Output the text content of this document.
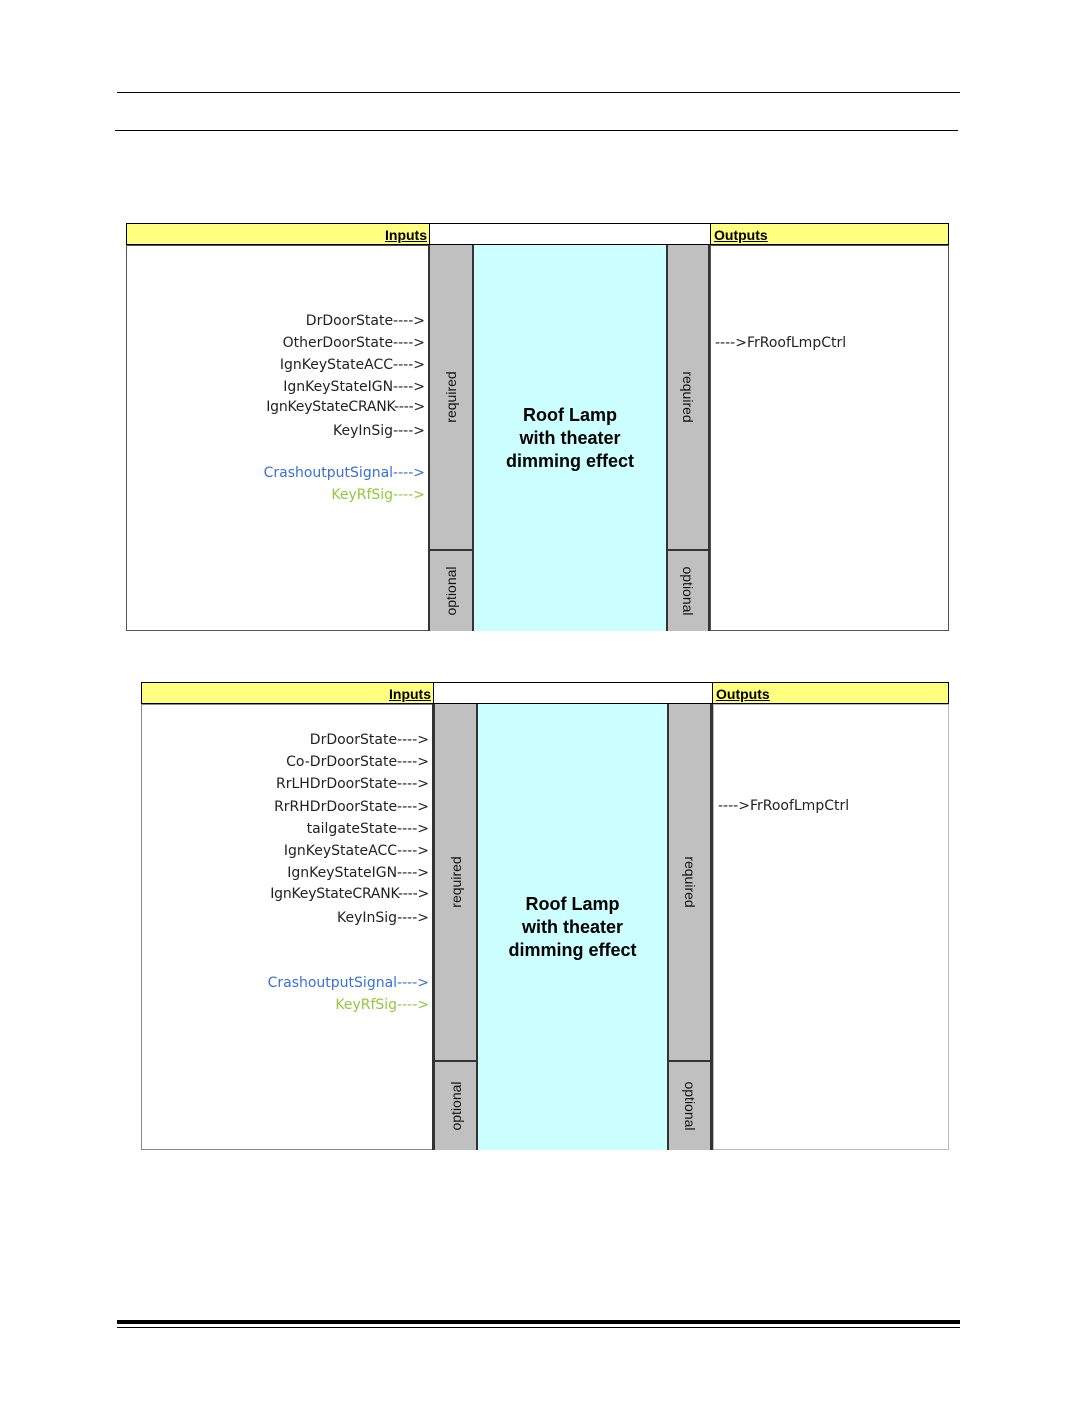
Inputs	Outputs
DrDoorState---->
OtherDoorState---->
IgnKeyStateACC---->
IgnKeyStateIGN---->
IgnKeyStateCRANK---->
KeyInSig---->
CrashoutputSignal---->
KeyRfSig---->
required
optional
Roof Lamp
with theater
dimming effect
required
optional
---->FrRoofLmpCtrl
Inputs	Outputs
DrDoorState---->
Co-DrDoorState---->
RrLHDrDoorState---->
RrRHDrDoorState---->
tailgateState---->
IgnKeyStateACC---->
IgnKeyStateIGN---->
IgnKeyStateCRANK---->
KeyInSig---->
CrashoutputSignal---->
KeyRfSig---->
required
optional
Roof Lamp
with theater
dimming effect
required
optional
---->FrRoofLmpCtrl
